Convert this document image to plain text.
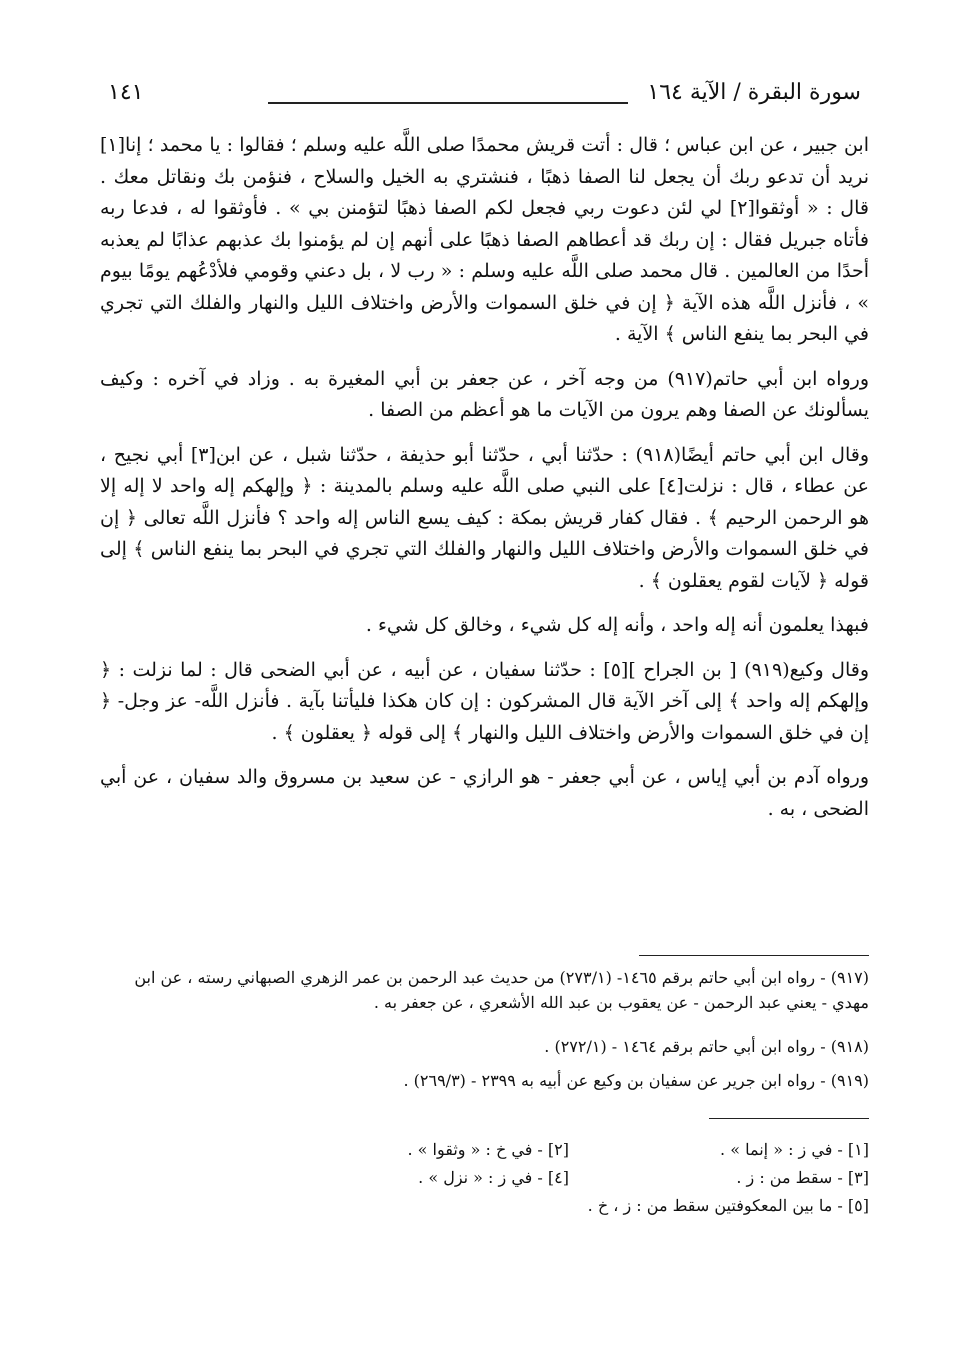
سورة البقرة / الآية ١٦٤
١٤١

ابن جبير ، عن ابن عباس ؛ قال : أتت قريش محمدًا صلى اللَّه عليه وسلم ؛ فقالوا : يا محمد ؛ إنا[١] نريد أن تدعو ربك أن يجعل لنا الصفا ذهبًا ، فنشتري به الخيل والسلاح ، فنؤمن بك ونقاتل معك . قال : « أوثقوا[٢] لي لئن دعوت ربي فجعل لكم الصفا ذهبًا لتؤمنن بي » . فأوثقوا له ، فدعا ربه فأتاه جبريل فقال : إن ربك قد أعطاهم الصفا ذهبًا على أنهم إن لم يؤمنوا بك عذبهم عذابًا لم يعذبه أحدًا من العالمين . قال محمد صلى اللَّه عليه وسلم : « رب لا ، بل دعني وقومي فلأدْعُهم يومًا بيوم » ، فأنزل اللَّه هذه الآية ﴿ إن في خلق السموات والأرض واختلاف الليل والنهار والفلك التي تجري في البحر بما ينفع الناس ﴾ الآية .

ورواه ابن أبي حاتم(٩١٧) من وجه آخر ، عن جعفر بن أبي المغيرة به . وزاد في آخره : وكيف يسألونك عن الصفا وهم يرون من الآيات ما هو أعظم من الصفا .

وقال ابن أبي حاتم أيضًا(٩١٨) : حدّثنا أبي ، حدّثنا أبو حذيفة ، حدّثنا شبل ، عن ابن[٣] أبي نجيح ، عن عطاء ، قال : نزلت[٤] على النبي صلى اللَّه عليه وسلم بالمدينة : ﴿ وإلهكم إله واحد لا إله إلا هو الرحمن الرحيم ﴾ . فقال كفار قريش بمكة : كيف يسع الناس إله واحد ؟ فأنزل اللَّه تعالى ﴿ إن في خلق السموات والأرض واختلاف الليل والنهار والفلك التي تجري في البحر بما ينفع الناس ﴾ إلى قوله ﴿ لآيات لقوم يعقلون ﴾ .

فبهذا يعلمون أنه إله واحد ، وأنه إله كل شيء ، وخالق كل شيء .

وقال وكيع(٩١٩) [ بن الجراح ][٥] : حدّثنا سفيان ، عن أبيه ، عن أبي الضحى قال : لما نزلت : ﴿ وإلهكم إله واحد ﴾ إلى آخر الآية قال المشركون : إن كان هكذا فليأتنا بآية . فأنزل اللَّه- عز وجل- ﴿ إن في خلق السموات والأرض واختلاف الليل والنهار ﴾ إلى قوله ﴿ يعقلون ﴾ .

ورواه آدم بن أبي إياس ، عن أبي جعفر - هو الرازي - عن سعيد بن مسروق والد سفيان ، عن أبي الضحى ، به .

(٩١٧) - رواه ابن أبي حاتم برقم ١٤٦٥- (٢٧٣/١) من حديث عبد الرحمن بن عمر الزهري الصبهاني رسته ، عن ابن مهدي - يعني عبد الرحمن - عن يعقوب بن عبد الله الأشعري ، عن جعفر به .
(٩١٨) - رواه ابن أبي حاتم برقم ١٤٦٤ - (٢٧٢/١) .
(٩١٩) - رواه ابن جرير عن سفيان بن وكيع عن أبيه به ٢٣٩٩ - (٢٦٩/٣) .
[١] - في ز : « إنما » .
[٢] - في خ : « وثقوا » .
[٣] - سقط من : ز .
[٤] - في ز : « نزل » .
[٥] - ما بين المعكوفتين سقط من : ز ، خ .
